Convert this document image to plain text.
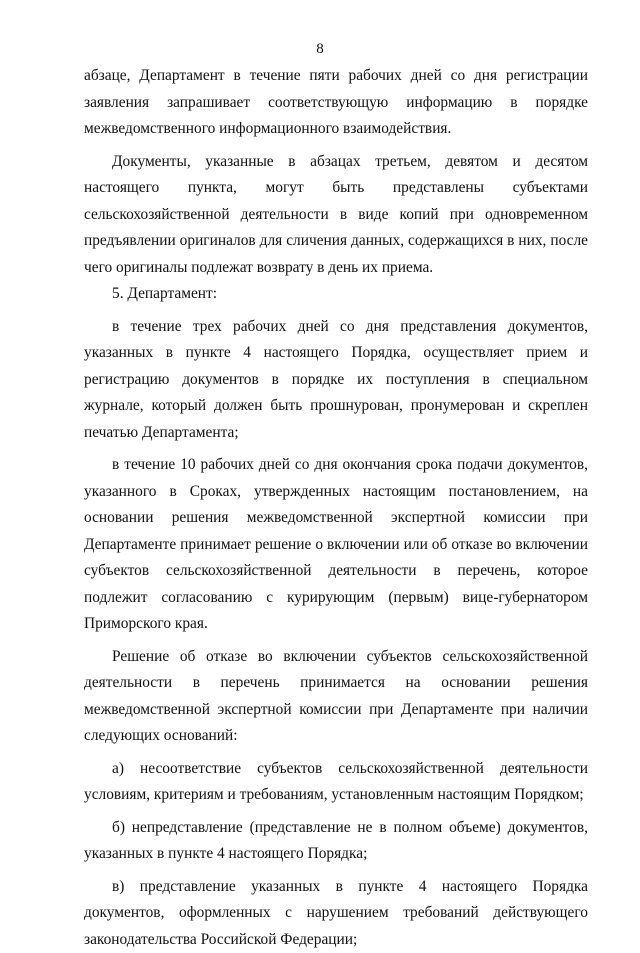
8

абзаце, Департамент в течение пяти рабочих дней со дня регистрации заявления запрашивает соответствующую информацию в порядке межведомственного информационного взаимодействия.

Документы, указанные в абзацах третьем, девятом и десятом настоящего пункта, могут быть представлены субъектами сельскохозяйственной деятельности в виде копий при одновременном предъявлении оригиналов для сличения данных, содержащихся в них, после чего оригиналы подлежат возврату в день их приема.

5. Департамент:

в течение трех рабочих дней со дня представления документов, указанных в пункте 4 настоящего Порядка, осуществляет прием и регистрацию документов в порядке их поступления в специальном журнале, который должен быть прошнурован, пронумерован и скреплен печатью Департамента;

в течение 10 рабочих дней со дня окончания срока подачи документов, указанного в Сроках, утвержденных настоящим постановлением, на основании решения межведомственной экспертной комиссии при Департаменте принимает решение о включении или об отказе во включении субъектов сельскохозяйственной деятельности в перечень, которое подлежит согласованию с курирующим (первым) вице-губернатором Приморского края.

Решение об отказе во включении субъектов сельскохозяйственной деятельности в перечень принимается на основании решения межведомственной экспертной комиссии при Департаменте при наличии следующих оснований:

а) несоответствие субъектов сельскохозяйственной деятельности условиям, критериям и требованиям, установленным настоящим Порядком;

б) непредставление (представление не в полном объеме) документов, указанных в пункте 4 настоящего Порядка;

в) представление указанных в пункте 4 настоящего Порядка документов, оформленных с нарушением требований действующего законодательства Российской Федерации;
